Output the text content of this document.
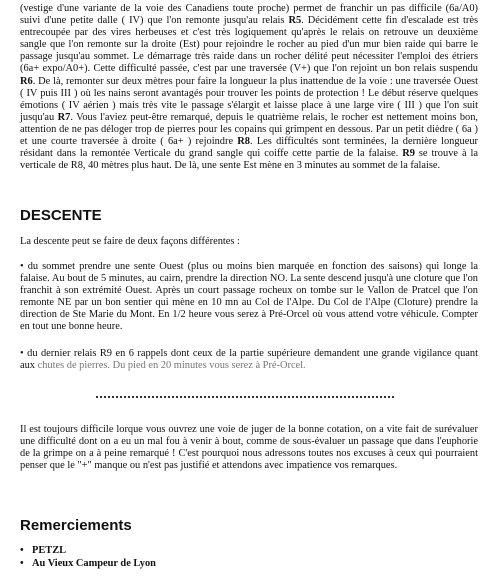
(vestige d'une variante de la voie des Canadiens toute proche) permet de franchir un pas difficile (6a/A0) suivi d'une petite dalle ( IV) que l'on remonte jusqu'au relais R5. Décidément cette fin d'escalade est très entrecoupée par des vires herbeuses et c'est très logiquement qu'après le relais on retrouve un deuxième sangle que l'on remonte sur la droite (Est) pour rejoindre le rocher au pied d'un mur bien raide qui barre le passage jusqu'au sommet. Le démarrage très raide dans un rocher délité peut nécessiter l'emploi des étriers (6a+ expo/A0+). Cette difficulté passée, c'est par une traversée (V+) que l'on rejoint un bon relais suspendu R6. De là, remonter sur deux mètres pour faire la longueur la plus inattendue de la voie : une traversée Ouest ( IV puis III ) où les nains seront avantagés pour trouver les points de protection ! Le début réserve quelques émotions ( IV aérien ) mais très vite le passage s'élargit et laisse place à une large vire ( III ) que l'on suit jusqu'au R7. Vous l'aviez peut-être remarqué, depuis le quatrième relais, le rocher est nettement moins bon, attention de ne pas déloger trop de pierres pour les copains qui grimpent en dessous. Par un petit dièdre ( 6a ) et une courte traversée à droite ( 6a+ ) rejoindre R8. Les difficultés sont terminées, la dernière longueur résidant dans la remontée Verticale du grand sangle qui coiffe cette partie de la falaise. R9 se trouve à la verticale de R8, 40 mètres plus haut. De là, une sente Est mène en 3 minutes au sommet de la falaise.

DESCENTE

La descente peut se faire de deux façons différentes :

• du sommet prendre une sente Ouest (plus ou moins bien marquée en fonction des saisons) qui longe la falaise. Au bout de 5 minutes, au cairn, prendre la direction NO. La sente descend jusqu'à une cloture que l'on franchit à son extrémité Ouest. Après un court passage rocheux on tombe sur le Vallon de Pratcel que l'on remonte NE par un bon sentier qui mène en 10 mn au Col de l'Alpe. Du Col de l'Alpe (Cloture) prendre la direction de Ste Marie du Mont. En 1/2 heure vous serez à Pré-Orcel où vous attend votre véhicule. Compter en tout une bonne heure.

• du dernier relais R9 en 6 rappels dont ceux de la partie supérieure demandent une grande vigilance quant aux chutes de pierres. Du pied en 20 minutes vous serez à Pré-Orcel.

Il est toujours difficile lorque vous ouvrez une voie de juger de la bonne cotation, on a vite fait de surévaluer une difficulté dont on a eu un mal fou à venir à bout, comme de sous-évaluer un passage que dans l'euphorie de la grimpe on a à peine remarqué ! C'est pourquoi nous adressons toutes nos excuses à ceux qui pourraient penser que le "+" manque ou n'est pas justifié et attendons avec impatience vos remarques.

Remerciements
• PETZL
• Au Vieux Campeur de Lyon
